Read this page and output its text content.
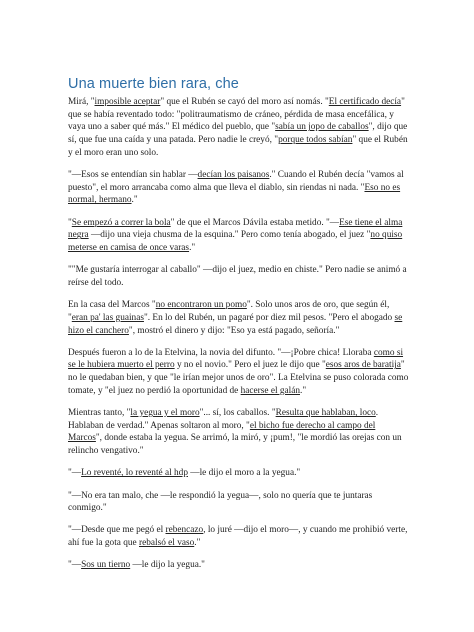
Una muerte bien rara, che

Mirá, "imposible aceptar" que el Rubén se cayó del moro así nomás. "El certificado decía" que se había reventado todo: "politraumatismo de cráneo, pérdida de masa encefálica, y vaya uno a saber qué más." El médico del pueblo, que "sabía un jopo de caballos", dijo que sí, que fue una caída y una patada. Pero nadie le creyó, "porque todos sabían" que el Rubén y el moro eran uno solo.

"—Esos se entendían sin hablar —decían los paisanos." Cuando el Rubén decía "vamos al puesto", el moro arrancaba como alma que lleva el diablo, sin riendas ni nada. "Eso no es normal, hermano."

"Se empezó a correr la bola" de que el Marcos Dávila estaba metido. "—Ese tiene el alma negra —dijo una vieja chusma de la esquina." Pero como tenía abogado, el juez "no quiso meterse en camisa de once varas."

""Me gustaría interrogar al caballo" —dijo el juez, medio en chiste." Pero nadie se animó a reírse del todo.

En la casa del Marcos "no encontraron un pomo". Solo unos aros de oro, que según él, "eran pa' las guainas". En lo del Rubén, un pagaré por diez mil pesos. "Pero el abogado se hizo el canchero", mostró el dinero y dijo: "Eso ya está pagado, señoría."

Después fueron a lo de la Etelvina, la novia del difunto. "—¡Pobre chica! Lloraba como si se le hubiera muerto el perro y no el novio." Pero el juez le dijo que "esos aros de baratija" no le quedaban bien, y que "le irían mejor unos de oro". La Etelvina se puso colorada como tomate, y "el juez no perdió la oportunidad de hacerse el galán."

Mientras tanto, "la yegua y el moro"... sí, los caballos. "Resulta que hablaban, loco. Hablaban de verdad." Apenas soltaron al moro, "el bicho fue derecho al campo del Marcos", donde estaba la yegua. Se arrimó, la miró, y ¡pum!, "le mordió las orejas con un relincho vengativo."

"—Lo reventé, lo reventé al hdp —le dijo el moro a la yegua."

"—No era tan malo, che —le respondió la yegua—, solo no quería que te juntaras conmigo."

"—Desde que me pegó el rebencazo, lo juré —dijo el moro—, y cuando me prohibió verte, ahí fue la gota que rebalsó el vaso."

"—Sos un tierno —le dijo la yegua."
